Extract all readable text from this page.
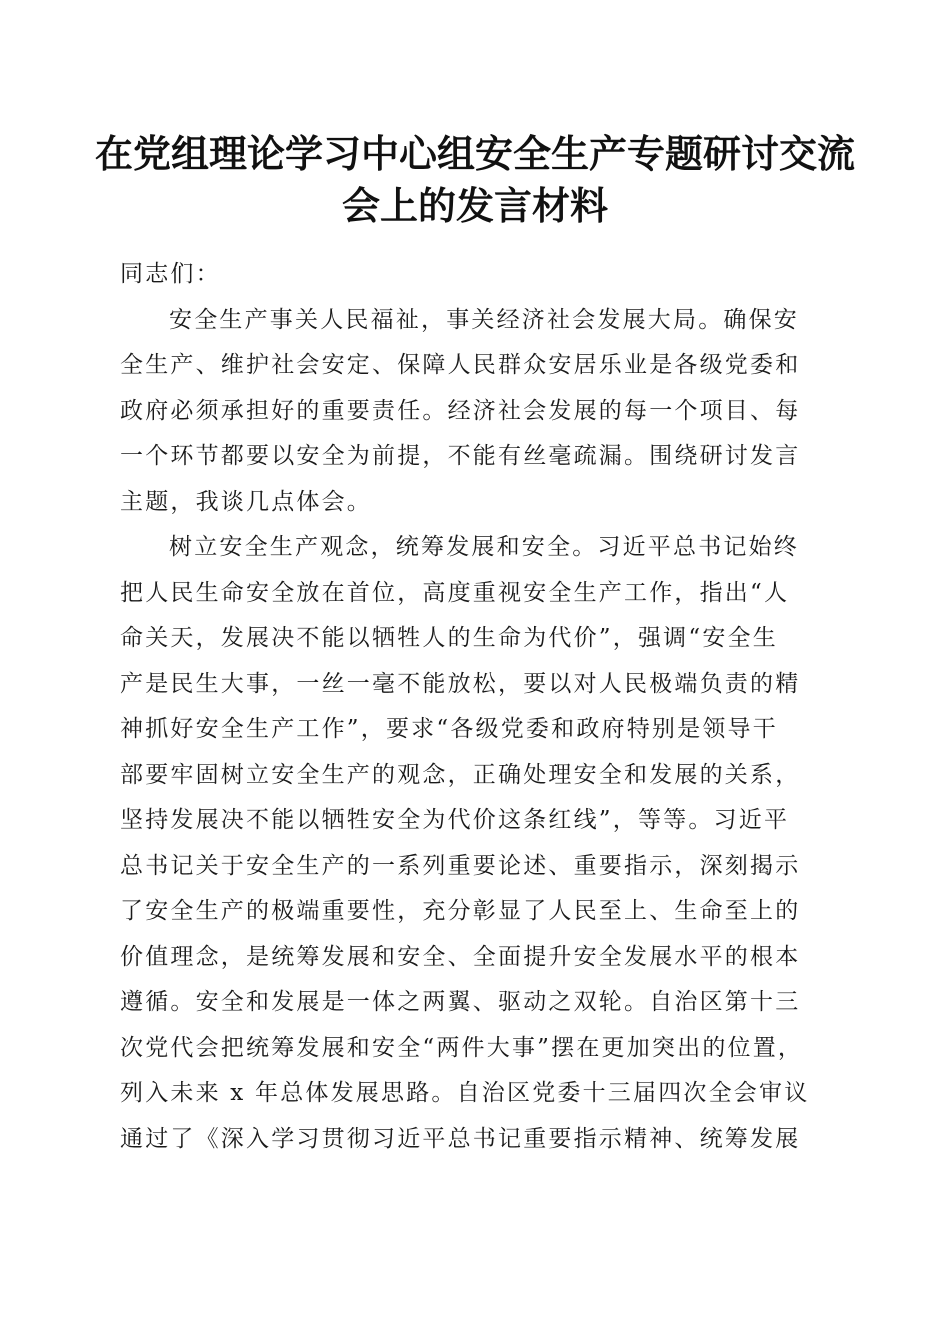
在党组理论学习中心组安全生产专题研讨交流
会上的发言材料
同志们：
安全生产事关人民福祉，事关经济社会发展大局。确保安
全生产、维护社会安定、保障人民群众安居乐业是各级党委和
政府必须承担好的重要责任。经济社会发展的每一个项目、每
一个环节都要以安全为前提，不能有丝毫疏漏。围绕研讨发言
主题，我谈几点体会。
树立安全生产观念，统筹发展和安全。习近平总书记始终
把人民生命安全放在首位，高度重视安全生产工作，指出“人
命关天，发展决不能以牺牲人的生命为代价”，强调“安全生
产是民生大事，一丝一毫不能放松，要以对人民极端负责的精
神抓好安全生产工作”，要求“各级党委和政府特别是领导干
部要牢固树立安全生产的观念，正确处理安全和发展的关系，
坚持发展决不能以牺牲安全为代价这条红线”，等等。习近平
总书记关于安全生产的一系列重要论述、重要指示，深刻揭示
了安全生产的极端重要性，充分彰显了人民至上、生命至上的
价值理念，是统筹发展和安全、全面提升安全发展水平的根本
遵循。安全和发展是一体之两翼、驱动之双轮。自治区第十三
次党代会把统筹发展和安全“两件大事”摆在更加突出的位置，
列入未来 x 年总体发展思路。自治区党委十三届四次全会审议
通过了《深入学习贯彻习近平总书记重要指示精神、统筹发展
